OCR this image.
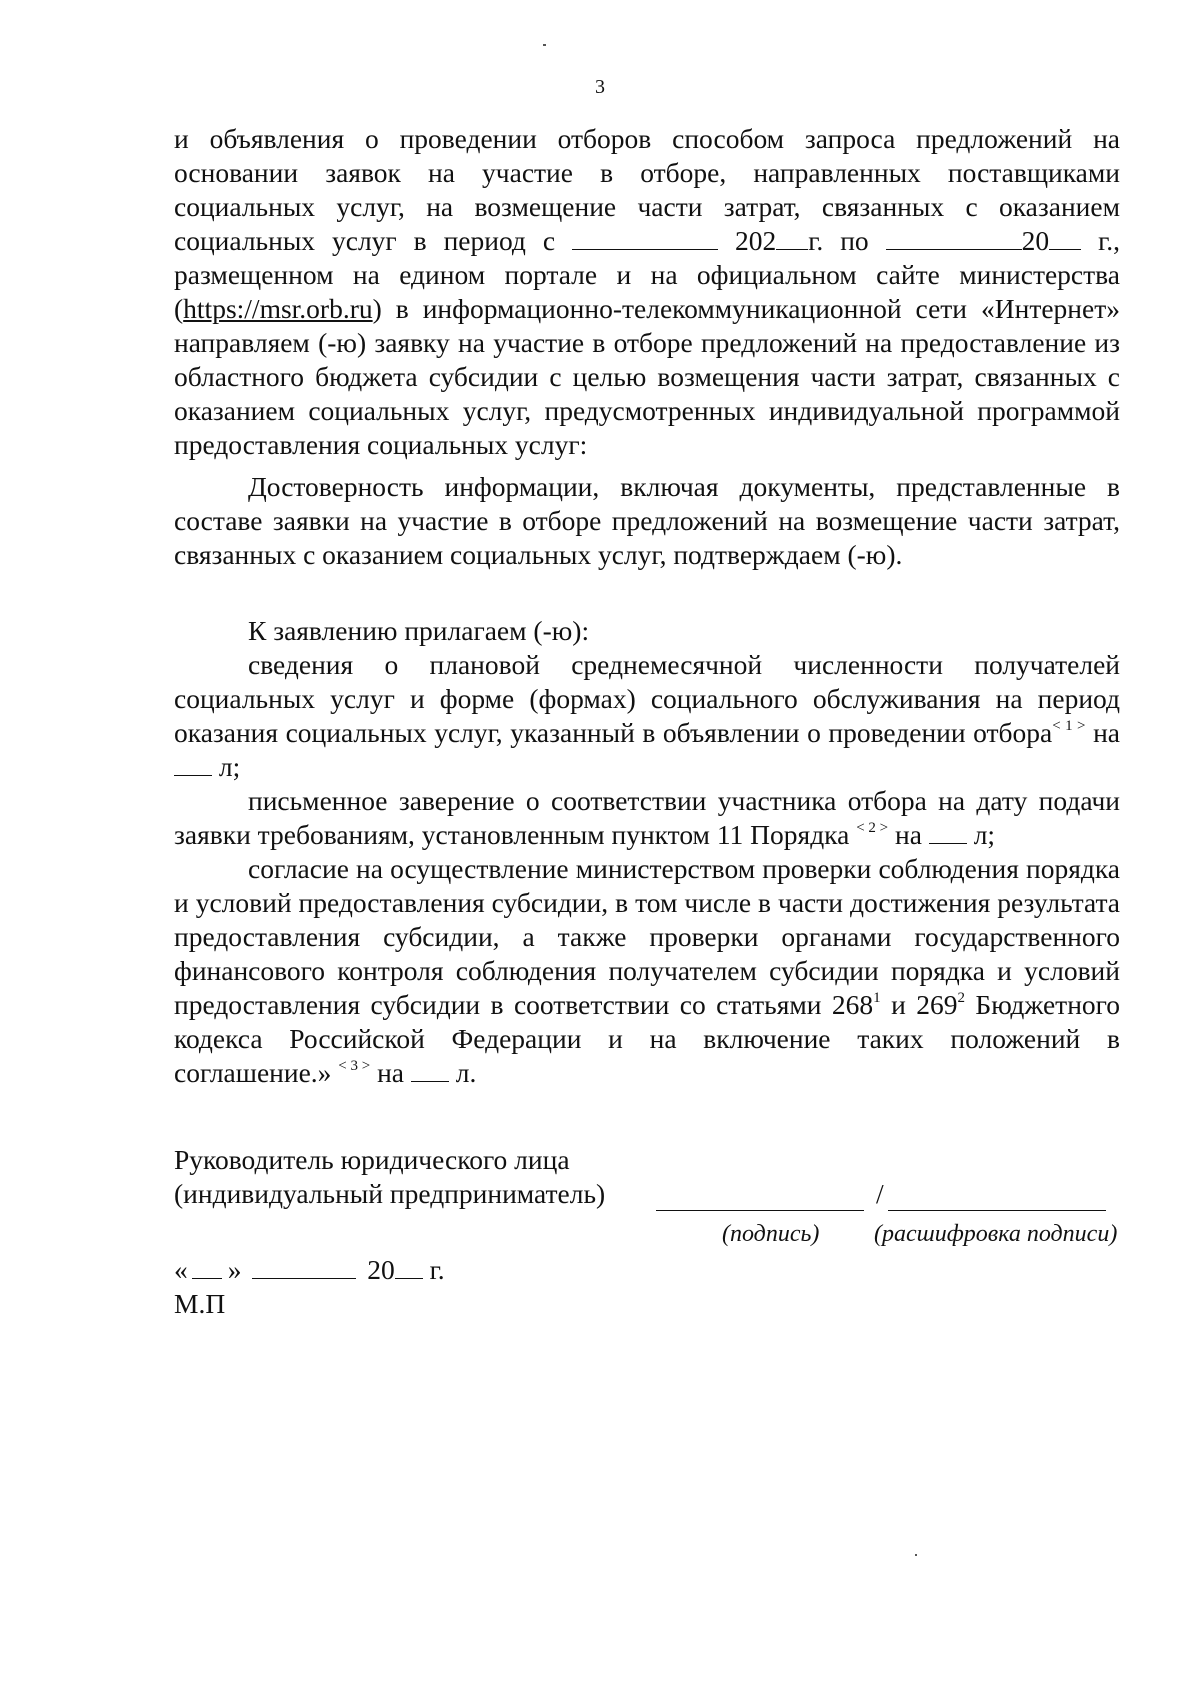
3

и объявления о проведении отборов способом запроса предложений на основании заявок на участие в отборе, направленных поставщиками социальных услуг, на возмещение части затрат, связанных с оказанием социальных услуг в период с	202 г. по	20 г., размещенном на едином портале и на официальном сайте министерства (https://msr.orb.ru) в информационно-телекоммуникационной сети «Интернет» направляем (-ю) заявку на участие в отборе предложений на предоставление из областного бюджета субсидии с целью возмещения части затрат, связанных с оказанием социальных услуг, предусмотренных индивидуальной программой предоставления социальных услуг:

Достоверность информации, включая документы, представленные в составе заявки на участие в отборе предложений на возмещение части затрат, связанных с оказанием социальных услуг, подтверждаем (-ю).

К заявлению прилагаем (-ю):

сведения о плановой среднемесячной численности получателей социальных услуг и форме (формах) социального обслуживания на период оказания социальных услуг, указанный в объявлении о проведении отбора$^{< 1 >}$ на  л;

письменное заверение о соответствии участника отбора на дату подачи заявки требованиям, установленным пунктом 11 Порядка $^{< 2 >}$ на л;

согласие на осуществление министерством проверки соблюдения порядка и условий предоставления субсидии, в том числе в части достижения результата предоставления субсидии, а также проверки органами государственного финансового контроля соблюдения получателем субсидии порядка и условий предоставления субсидии в соответствии со статьями $268^1$ и $269^2$ Бюджетного кодекса Российской Федерации и на включение таких положений в соглашение.» $^{< 3 >}$ на л.

Руководитель юридического лица
(индивидуальный предприниматель)	/
(подпись) (расшифровка подписи)
« »	20 г.
М.П
